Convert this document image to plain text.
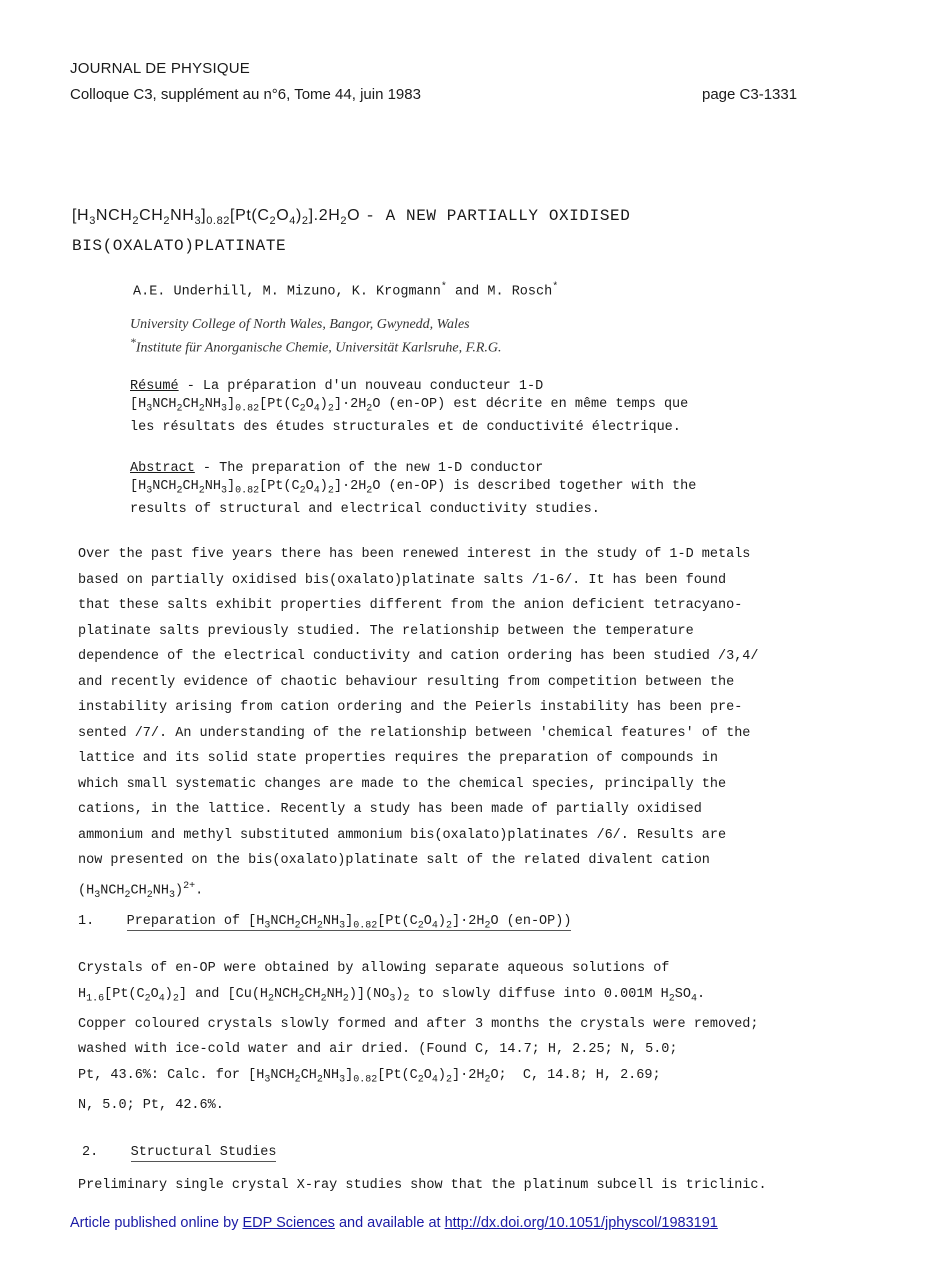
JOURNAL DE PHYSIQUE
Colloque C3, supplément au n°6, Tome 44, juin 1983	page C3-1331
$[H_3NCH_2CH_2NH_3]_{0.82}[Pt(C_2O_4)_2].2H_2O$ - A NEW PARTIALLY OXIDISED
BIS(OXALATO)PLATINATE
A.E. Underhill, M. Mizuno, K. Krogmann* and M. Rosch*
University College of North Wales, Bangor, Gwynedd, Wales
*Institute für Anorganische Chemie, Universität Karlsruhe, F.R.G.
Résumé - La préparation d'un nouveau conducteur 1-D
$[H_3NCH_2CH_2NH_3]_{0.82}[Pt(C_2O_4)_2]\cdot 2H_2O$ (en-OP) est décrite en même temps que
les résultats des études structurales et de conductivité électrique.
Abstract - The preparation of the new 1-D conductor
$[H_3NCH_2CH_2NH_3]_{0.82}[Pt(C_2O_4)_2]\cdot 2H_2O$ (en-OP) is described together with the
results of structural and electrical conductivity studies.
Over the past five years there has been renewed interest in the study of 1-D metals
based on partially oxidised bis(oxalato)platinate salts /1-6/. It has been found
that these salts exhibit properties different from the anion deficient tetracyano-
platinate salts previously studied. The relationship between the temperature
dependence of the electrical conductivity and cation ordering has been studied /3,4/
and recently evidence of chaotic behaviour resulting from competition between the
instability arising from cation ordering and the Peierls instability has been pre-
sented /7/. An understanding of the relationship between 'chemical features' of the
lattice and its solid state properties requires the preparation of compounds in
which small systematic changes are made to the chemical species, principally the
cations, in the lattice. Recently a study has been made of partially oxidised
ammonium and methyl substituted ammonium bis(oxalato)platinates /6/. Results are
now presented on the bis(oxalato)platinate salt of the related divalent cation
$(H_3NCH_2CH_2NH_3)^{2+}$.
1. Preparation of $[H_3NCH_2CH_2NH_3]_{0.82}[Pt(C_2O_4)_2]\cdot 2H_2O$ (en-OP))
Crystals of en-OP were obtained by allowing separate aqueous solutions of
$H_{1.6}[Pt(C_2O_4)_2]$ and $[Cu(H_2NCH_2CH_2NH_2)](NO_3)_2$ to slowly diffuse into 0.001M $H_2SO_4$.
Copper coloured crystals slowly formed and after 3 months the crystals were removed;
washed with ice-cold water and air dried. (Found C, 14.7; H, 2.25; N, 5.0;
Pt, 43.6%: Calc. for $[H_3NCH_2CH_2NH_3]_{0.82}[Pt(C_2O_4)_2]\cdot 2H_2O$;  C, 14.8; H, 2.69;
N, 5.0; Pt, 42.6%.
2. Structural Studies
Preliminary single crystal X-ray studies show that the platinum subcell is triclinic.
Article published online by EDP Sciences and available at http://dx.doi.org/10.1051/jphyscol/1983191
